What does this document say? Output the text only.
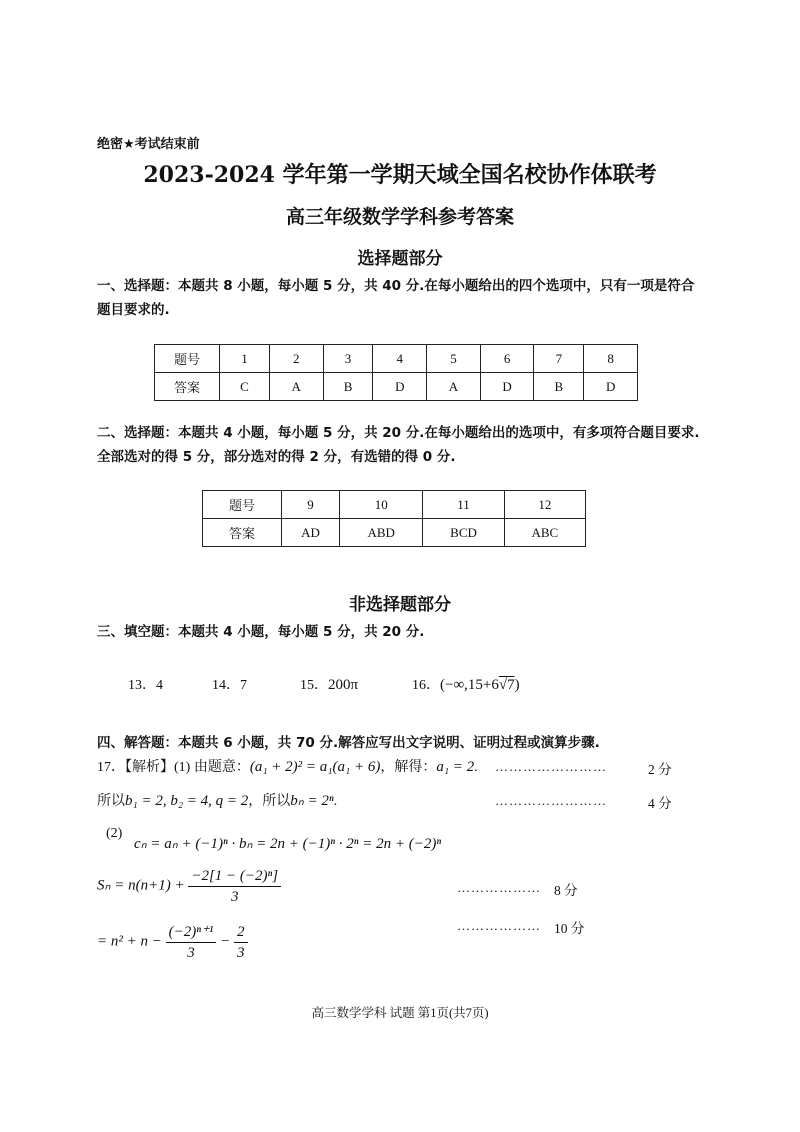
绝密★考试结束前
2023-2024 学年第一学期天域全国名校协作体联考
高三年级数学学科参考答案
选择题部分
一、选择题：本题共 8 小题，每小题 5 分，共 40 分.在每小题给出的四个选项中，只有一项是符合题目要求的.
题号	1	2	3	4	5	6	7	8
答案	C	A	B	D	A	D	B	D
二、选择题：本题共 4 小题，每小题 5 分，共 20 分.在每小题给出的选项中，有多项符合题目要求.全部选对的得 5 分，部分选对的得 2 分，有选错的得 0 分.
题号	9	10	11	12
答案	AD	ABD	BCD	ABC
非选择题部分
三、填空题：本题共 4 小题，每小题 5 分，共 20 分.
13．4	14．7	15．200π	16．(−∞,15+6√7)
四、解答题：本题共 6 小题，共 70 分.解答应写出文字说明、证明过程或演算步骤.
17．【解析】(1) 由题意：(a₁ + 2)² = a₁(a₁ + 6)，解得：a₁ = 2. ……………………	2 分
所以b₁ = 2, b₂ = 4, q = 2，所以bₙ = 2ⁿ.	……………………	4 分
(2)
cₙ = aₙ + (−1)ⁿ · bₙ = 2n + (−1)ⁿ · 2ⁿ = 2n + (−2)ⁿ
$S_n = n(n+1) + \frac{\text{−2[1 − (−2)ⁿ]}}{3}$	……………… 8 分
……………… 10 分
= $n^2 + n - \frac{\text{(−2)ⁿ⁺¹}}{3} - \frac{2}{3}$
高三数学学科 试题 第1页(共7页)
